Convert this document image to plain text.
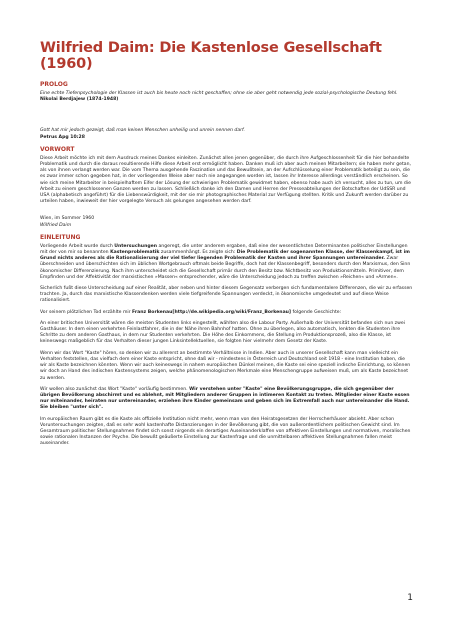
Wilfried Daim: Die Kastenlose Gesellschaft (1960)
PROLOG

Eine echte Tiefenpsychologie der Klassen ist auch bis heute noch nicht geschaffen; ohne sie aber geht notwendig jede sozial-psychologische Deutung fehl.

Nikolai Berdjajew (1874-1948)

Gott hat mir jedoch gezeigt, daß man keinen Menschen unheilig und unrein nennen darf.

Petrus Apg 10:28

VORWORT

Diese Arbeit möchte ich mit dem Ausdruck meines Dankes einleiten. Zunächst allen jenen gegenüber, die durch ihre Aufgeschlossenheit für die hier behandelte Problematik und durch die daraus resultierende Hilfe diese Arbeit erst ermöglicht haben. Danken muß ich aber auch meinen Mitarbeitern; sie haben mehr getan, als von ihnen verlangt werden war. Die vom Thema ausgehende Faszination und das Bewußtsein, an der Aufschlüsselung einer Problematik beteiligt zu sein, die es zwar immer schon gegeben hat, in der vorliegenden Weise aber noch nie angegangen worden ist, lassen ihr Interesse allerdings verständlich erscheinen. So wie sich meine Mitarbeiter in beispielhaftem Eifer der Lösung der schwierigen Problematik gewidmet haben, ebenso habe auch ich versucht, alles zu tun, um die Arbeit zu einem geschlossenen Ganzen werden zu lassen. Schließlich danke ich den Damen und Herren der Presseabteilungen der Botschaften der UdSSR und USA (alphabetisch angeführt) für die Liebenswürdigkeit, mit der sie mir photographisches Material zur Verfügung stellten. Kritik und Zukunft werden darüber zu urteilen haben, inwieweit der hier vorgelegte Versuch als gelungen angesehen werden darf.

Wien, im Sommer 1960

Wilfried Daim

EINLEITUNG

Vorliegende Arbeit wurde durch Untersuchungen angeregt, die unter anderem ergaben, daß eine der wesentlichsten Determinanten politischer Einstellungen mit der von mir so benannten Kastenproblematik zusammenhängt. Es zeigte sich: Die Problematik der sogenannten Klasse, der Klassenkampf, ist im Grund nichts anderes als die Rationalisierung der viel tiefer liegenden Problematik der Kasten und ihrer Spannungen untereinander. Zwar überschneiden und überschichten sich im üblichen Wortgebrauch oftmals beide Begriffe, doch hat der Klassenbegriff, besonders durch den Marxismus, den Sinn ökonomischer Differenzierung. Nach ihm unterscheidet sich die Gesellschaft primär durch den Besitz bzw. Nichtbesitz von Produktionsmitteln. Primitiver, dem Empfinden und der Affektivität der marxistischen »Massen« entsprechender, wäre die Unterscheidung jedoch zu treffen zwischen »Reichen« und »Armen«.

Sicherlich fußt diese Unterscheidung auf einer Realität, aber neben und hinter diesem Gegensatz verbergen sich fundamentalere Differenzen, die wir zu erfassen trachten. Ja, durch das marxistische Klassendenken werden viele tiefgreifende Spannungen verdeckt, in ökonomische umgedeutet und auf diese Weise rationalisiert.

Vor seinem plötzlichen Tod erzählte mir Franz Borkenau[http://de.wikipedia.org/wiki/Franz_Borkenau] folgende Geschichte:

An einer britischen Universität wären die meisten Studenten links eingestellt, wählten also die Labour Party. Außerhalb der Universität befanden sich nun zwei Gasthäuser. In dem einen verkehrten Feinlastfahrer, die in der Nähe ihren Bahnhof hatten. Ohne zu überlegen, also automatisch, lenkten die Studenten ihre Schritte zu dem anderen Gasthaus, in dem nur Studenten verkehrten. Die Höhe des Einkommens, die Stellung im Produktionsprozeß, also die Klasse, ist keineswegs maßgeblich für das Verhalten dieser jungen Linksintellektuellen, sie folgten hier vielmehr dem Gesetz der Kaste.

Wenn wir das Wort "Kaste" hören, so denken wir zu allererst an bestimmte Verhältnisse in Indien. Aber auch in unserer Gesellschaft kann man vielleicht ein Verhalten feststellen, das vielfach dem einer Kaste entspricht, ohne daß wir - mindestens in Österreich und Deutschland seit 1918 - eine Institution haben, die wir als Kaste bezeichnen könnten. Wenn wir auch keineswegs in nahem europäischen Dünkel meinen, die Kaste sei eine speziell indische Einrichtung, so können wir doch an Hand des indischen Kastensystems zeigen, welche phänomenologischen Merkmale eine Menschengruppe aufweisen muß, um als Kaste bezeichnet zu werden.

Wir wollen also zunächst das Wort "Kaste" vorläufig bestimmen. Wir verstehen unter "Kaste" eine Bevölkerungsgruppe, die sich gegenüber der übrigen Bevölkerung abschirmt und es ablehnt, mit Mitgliedern anderer Gruppen in intimeren Kontakt zu treten. Mitglieder einer Kaste essen nur miteinander, heiraten nur untereinander, erziehen ihre Kinder gemeinsam und geben sich im Extremfall auch nur untereinander die Hand. Sie bleiben "unter sich".

Im europäischen Raum gibt es die Kaste als offizielle Institution nicht mehr, wenn man von den Heiratsgesetzen der Herrscherhäuser absieht. Aber schon Voruntersuchungen zeigten, daß es sehr wohl kastenhafte Distanzierungen in der Bevölkerung gibt, die von außerordentlichem politischen Gewicht sind. Im Gesamtraum politischer Stellungnahmen findet sich sonst nirgends ein derartiges Auseinanderklaffen von affektiven Einstellungen und normativen, moralischen sowie rationalen Instanzen der Psyche. Die bewußt geäußerte Einstellung zur Kastenfrage und die unmittelbaren affektiven Stellungnahmen fallen meist auseinander.

1
